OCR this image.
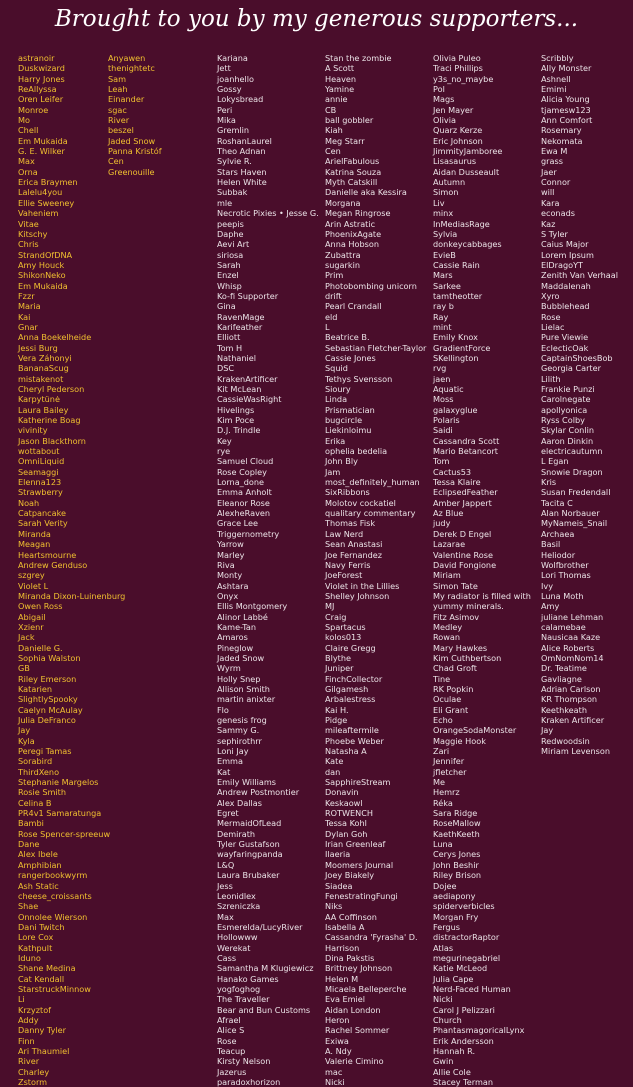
Brought to you by my generous supporters...
astranoir
Duskwizard
Harry Jones
ReAllyssa
Oren Leifer
Monroe
Mo
Chell
Em Mukaida
G. E. Wilker
Max
Orna
Erica Braymen
Lalelu4you
Ellie Sweeney
Vaheniem
Vitae
Kitschy
Chris
StrandOfDNA
Amy Houck
ShikonNeko
Em Mukaida
Fzzr
Maria
Kai
Gnar
Anna Boekelheide
Jessi Burg
Vera Záhonyi
BananaScug
mistakenot
Cheryl Pederson
Karpytünė
Laura Bailey
Katherine Boag
vivinity
Jason Blackthorn
wottabout
OmniLiquid
Seamaggi
Elenna123
Strawberry
Noah
Catpancake
Sarah Verity
Miranda
Meagan
Heartsmourne
Andrew Genduso
szgrey
Violet L
Miranda Dixon-Luinenburg
Owen Ross
Abigail
Xzienr
Jack
Danielle G.
Sophia Walston
GB
Riley Emerson
Katarien
SlightlySpooky
Caelyn McAulay
Julia DeFranco
Jay
Kyla
Peregi Tamas
Sorabird
ThirdXeno
Stephanie Margelos
Rosie Smith
Celina B
PR4v1 Samaratunga
Bambi
Rose Spencer-spreeuw
Dane
Alex Ibele
Amphibian
rangerbookwyrm
Ash Static
cheese_croissants
Shae
Onnolee Wierson
Dani Twitch
Lore Cox
Kathpult
Iduno
Shane Medina
Cat Kendall
StarstruckMinnow
Li
Krzyztof
Addy
Danny Tyler
Finn
Ari Thaumiel
River
Charley
Zstorm
Anyawen
thenightetc
Sam
Leah
Einander
sgac
River
beszel
Jaded Snow
Panna Kristóf
Cen
Greenouille
Kariana
Jett
joanhello
Gossy
Lokysbread
Peri
Mika
Gremlin
RoshanLaurel
Theo Adnan
Sylvie R.
Stars Haven
Helen White
Subbak
mle
Necrotic Pixies • Jesse G.
peepis
Daphe
Aevi Art
siriosa
Sarah
Enzel
Whisp
Ko-fi Supporter
Gina
RavenMage
Karifeather
Elliott
Tom H
Nathaniel
DSC
KrakenArtificer
Kit McLean
CassieWasRight
Hivelings
Kim Poce
D.J. Trindle
Key
rye
Samuel Cloud
Rose Copley
Lorna_done
Emma Anholt
Eleanor Rose
AlexheRaven
Grace Lee
Triggernometry
Yarrow
Marley
Riva
Monty
Ashtara
Onyx
Ellis Montgomery
Alinor Labbé
Kame-Tan
Amaros
Pineglow
Jaded Snow
Wyrm
Holly Snep
Allison Smith
martin anixter
Flo
genesis frog
Sammy G.
sephirothrr
Loni Jay
Emma
Kat
Emily Williams
Andrew Postmontier
Alex Dallas
Egret
MermaidOfLead
Demirath
Tyler Gustafson
wayfaringpanda
L&Q
Laura Brubaker
Jess
Leonidlex
Szreniczka
Max
Esmerelda/LucyRiver
Hollowww
Werekat
Cass
Samantha M Klugiewicz
Hanako Games
yogfoghog
The Traveller
Bear and Bun Customs
Afrael
Alice S
Rose
Teacup
Kirsty Nelson
Jazerus
paradoxhorizon
Stan the zombie
A Scott
Heaven
Yamine
annie
CB
ball gobbler
Kiah
Meg Starr
Cen
ArielFabulous
Katrina Souza
Myth Catskill
Danielle aka Kessira
Morgana
Megan Ringrose
Arin Astratic
PhoenixAgate
Anna Hobson
Zubattra
sugarkin
Prim
Photobombing unicorn
drift
Pearl Crandall
eld
L
Beatrice B.
Sebastian Fletcher-Taylor
Cassie Jones
Squid
Tethys Svensson
Sioury
Linda
Prismatician
bugcircle
Liekinloimu
Erika
ophelia bedelia
John Bly
Jam
most_definitely_human
SixRibbons
Molotov cockatiel
qualitary commentary
Thomas Fisk
Law Nerd
Sean Anastasi
Joe Fernandez
Navy Ferris
JoeForest
Violet in the Lillies
Shelley Johnson
MJ
Craig
Spartacus
kolos013
Claire Gregg
Blythe
Juniper
FinchCollector
Gilgamesh
Arbalestress
Kai H.
Pidge
mileaftermile
Phoebe Weber
Natasha A
Kate
dan
SapphireStream
Donavin
Keskaowl
ROTWENCH
Tessa Kohl
Dylan Goh
Irian Greenleaf
Ilaeria
Moomers Journal
Joey Biakely
Siadea
FenestratingFungi
Niks
AA Coffinson
Isabella A
Cassandra 'Fyrasha' D.
Harrison
Dina Pakstis
Brittney Johnson
Helen M
Micaela Belleperche
Eva Emiel
Aidan London
Heron
Rachel Sommer
Exiwa
A. Ndy
Valerie Cimino
mac
Nicki
Olivia Puleo
Traci Phillips
y3s_no_maybe
Pol
Mags
Jen Mayer
Olivia
Quarz Kerze
Eric Johnson
JimmityJamboree
Lisasaurus
Aidan Dusseault
Autumn
Simon
Liv
minx
InMediasRage
Sylvia
donkeycabbages
EvieB
Cassie Rain
Mars
Sarkee
tamtheotter
ray b
Ray
mint
Emily Knox
GradientForce
SKellington
rvg
jaen
Aquatic
Moss
galaxyglue
Polaris
Saidi
Cassandra Scott
Mario Betancort
Tom
Cactus53
Tessa Klaire
EclipsedFeather
Amber Jappert
Az Blue
judy
Derek D Engel
Lazarae
Valentine Rose
David Fongione
Miriam
Simon Tate
My radiator is filled with
yummy minerals.
Fitz Asimov
Medley
Rowan
Mary Hawkes
Kim Cuthbertson
Chad Groft
Tine
RK Popkin
Oculae
Eli Grant
Echo
OrangeSodaMonster
Maggie Hook
Zari
Jennifer
jfletcher
Me
Hemrz
Réka
Sara Ridge
RoseMallow
KaethKeeth
Luna
Cerys Jones
John Beshir
Riley Brison
Dojee
aediapony
spiderverbicles
Morgan Fry
Fergus
distractorRaptor
Atlas
megurinegabriel
Katie McLeod
Julia Cape
Nerd-Faced Human
Nicki
Carol J Pelizzari
Church
PhantasmagoricalLynx
Erik Andersson
Hannah R.
Gwin
Allie Cole
Stacey Terman
Scribbly
Ally Monster
Ashnell
Emimi
Alicia Young
tjamesw123
Ann Comfort
Rosemary
Nekomata
Ewa M
grass
Jaer
Connor
will
Kara
econads
Kaz
S Tyler
Caius Major
Lorem Ipsum
ElDragoYT
Zenith Van Verhaal
Maddalenah
Xyro
Bubblehead
Rose
Lielac
Pure Viewie
EclecticOak
CaptainShoesBob
Georgia Carter
Lilith
Frankie Punzi
Carolnegate
apollyonica
Ryss Colby
Skylar Conlin
Aaron Dinkin
electricautumn
L Egan
Snowie Dragon
Kris
Susan Fredendall
Tacita C
Alan Norbauer
MyNameis_Snail
Archaea
Basil
Heliodor
Wolfbrother
Lori Thomas
Ivy
Luna Moth
Amy
juliane Lehman
calamebae
Nausicaa Kaze
Alice Roberts
OmNomNom14
Dr. Teatime
Gavliagne
Adrian Carlson
KR Thompson
Keethkeath
Kraken Artificer
Jay
Redwoodsin
Miriam Levenson
